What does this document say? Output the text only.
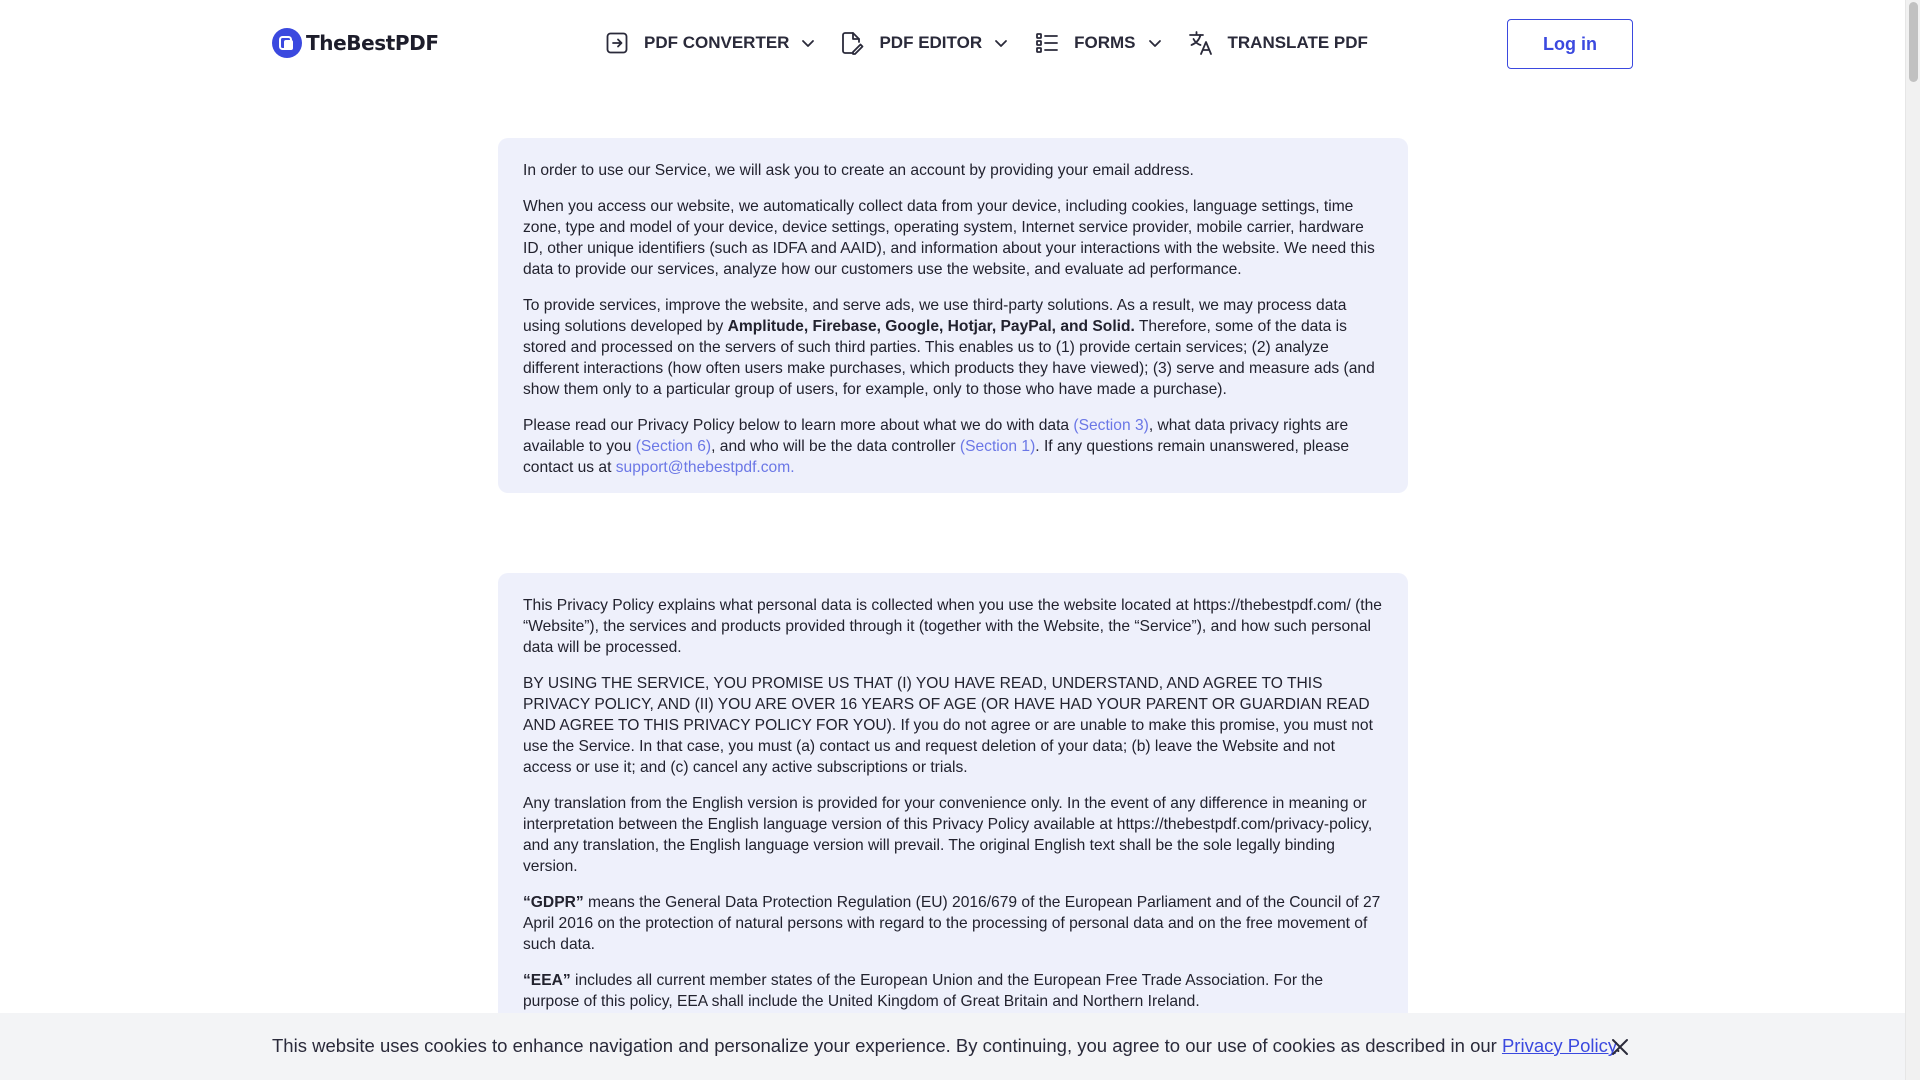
TheBestPDF	PDF CONVERTER	PDF EDITOR	FORMS	TRANSLATE PDF	Log in

In order to use our Service, we will ask you to create an account by providing your email address.

When you access our website, we automatically collect data from your device, including cookies, language settings, time zone, type and model of your device, device settings, operating system, Internet service provider, mobile carrier, hardware ID, other unique identifiers (such as IDFA and AAID), and information about your interactions with the website. We need this data to provide our services, analyze how our customers use the website, and evaluate ad performance.

To provide services, improve the website, and serve ads, we use third-party solutions. As a result, we may process data using solutions developed by Amplitude, Firebase, Google, Hotjar, PayPal, and Solid. Therefore, some of the data is stored and processed on the servers of such third parties. This enables us to (1) provide certain services; (2) analyze different interactions (how often users make purchases, which products they have viewed); (3) serve and measure ads (and show them only to a particular group of users, for example, only to those who have made a purchase).

Please read our Privacy Policy below to learn more about what we do with data (Section 3), what data privacy rights are available to you (Section 6), and who will be the data controller (Section 1). If any questions remain unanswered, please contact us at support@thebestpdf.com.

This Privacy Policy explains what personal data is collected when you use the website located at https://thebestpdf.com/ (the “Website”), the services and products provided through it (together with the Website, the “Service”), and how such personal data will be processed.

BY USING THE SERVICE, YOU PROMISE US THAT (I) YOU HAVE READ, UNDERSTAND, AND AGREE TO THIS PRIVACY POLICY, AND (II) YOU ARE OVER 16 YEARS OF AGE (OR HAVE HAD YOUR PARENT OR GUARDIAN READ AND AGREE TO THIS PRIVACY POLICY FOR YOU). If you do not agree or are unable to make this promise, you must not use the Service. In that case, you must (a) contact us and request deletion of your data; (b) leave the Website and not access or use it; and (c) cancel any active subscriptions or trials.

Any translation from the English version is provided for your convenience only. In the event of any difference in meaning or interpretation between the English language version of this Privacy Policy available at https://thebestpdf.com/privacy-policy, and any translation, the English language version will prevail. The original English text shall be the sole legally binding version.

“GDPR” means the General Data Protection Regulation (EU) 2016/679 of the European Parliament and of the Council of 27 April 2016 on the protection of natural persons with regard to the processing of personal data and on the free movement of such data.

“EEA” includes all current member states of the European Union and the European Free Trade Association. For the purpose of this policy, EEA shall include the United Kingdom of Great Britain and Northern Ireland.

This website uses cookies to enhance navigation and personalize your experience. By continuing, you agree to our use of cookies as described in our Privacy Policy.
